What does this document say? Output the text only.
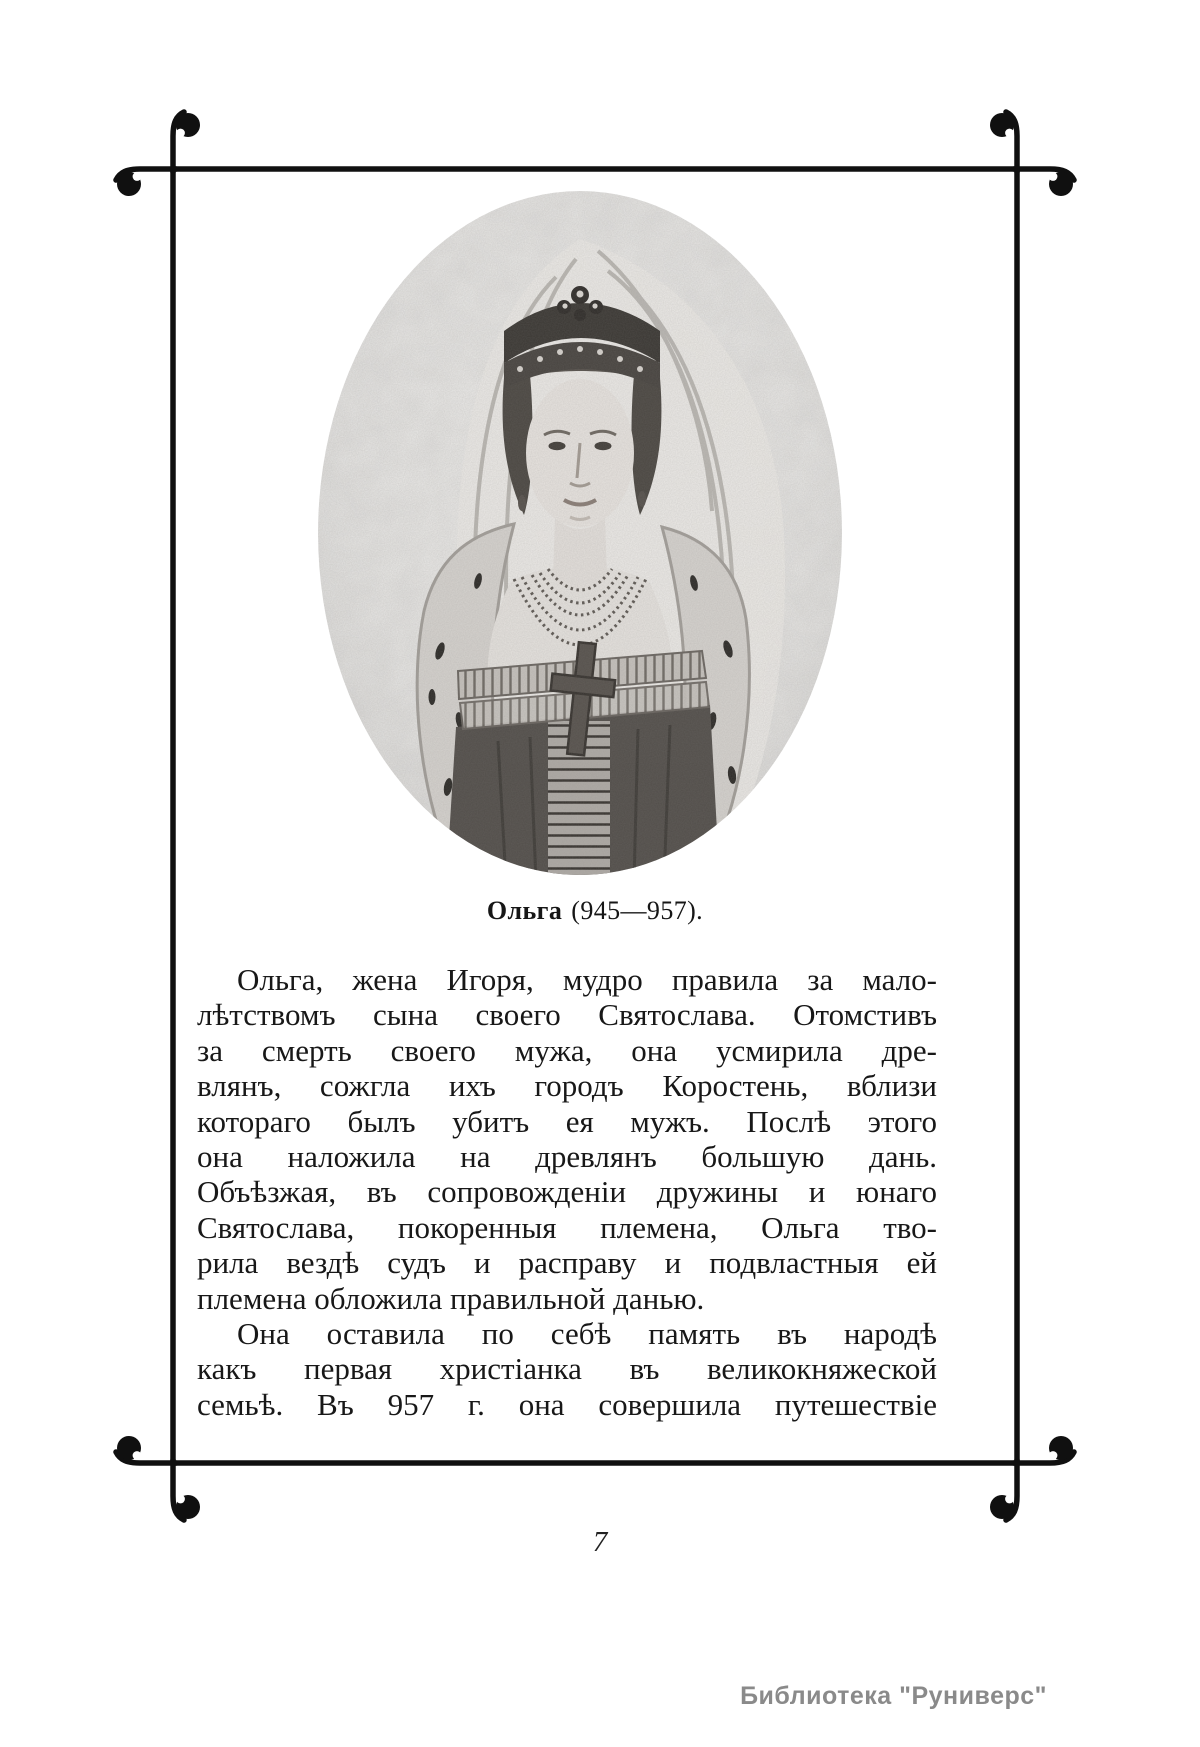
Ольга (945—957).
Ольга, жена Игоря, мудро правила за мало-
лѣтствомъ сына своего Святослава. Отомстивъ
за смерть своего мужа, она усмирила дре-
влянъ, сожгла ихъ городъ Коростень, вблизи
котораго былъ убитъ ея мужъ. Послѣ этого
она наложила на древлянъ большую дань.
Объѣзжая, въ сопровожденіи дружины и юнаго
Святослава, покоренныя племена, Ольга тво-
рила вездѣ судъ и расправу и подвластныя ей
племена обложила правильной данью.
Она оставила по себѣ память въ народѣ
какъ первая христіанка въ великокняжеской
семьѣ. Въ 957 г. она совершила путешествіе
7
Библиотека "Руниверс"
